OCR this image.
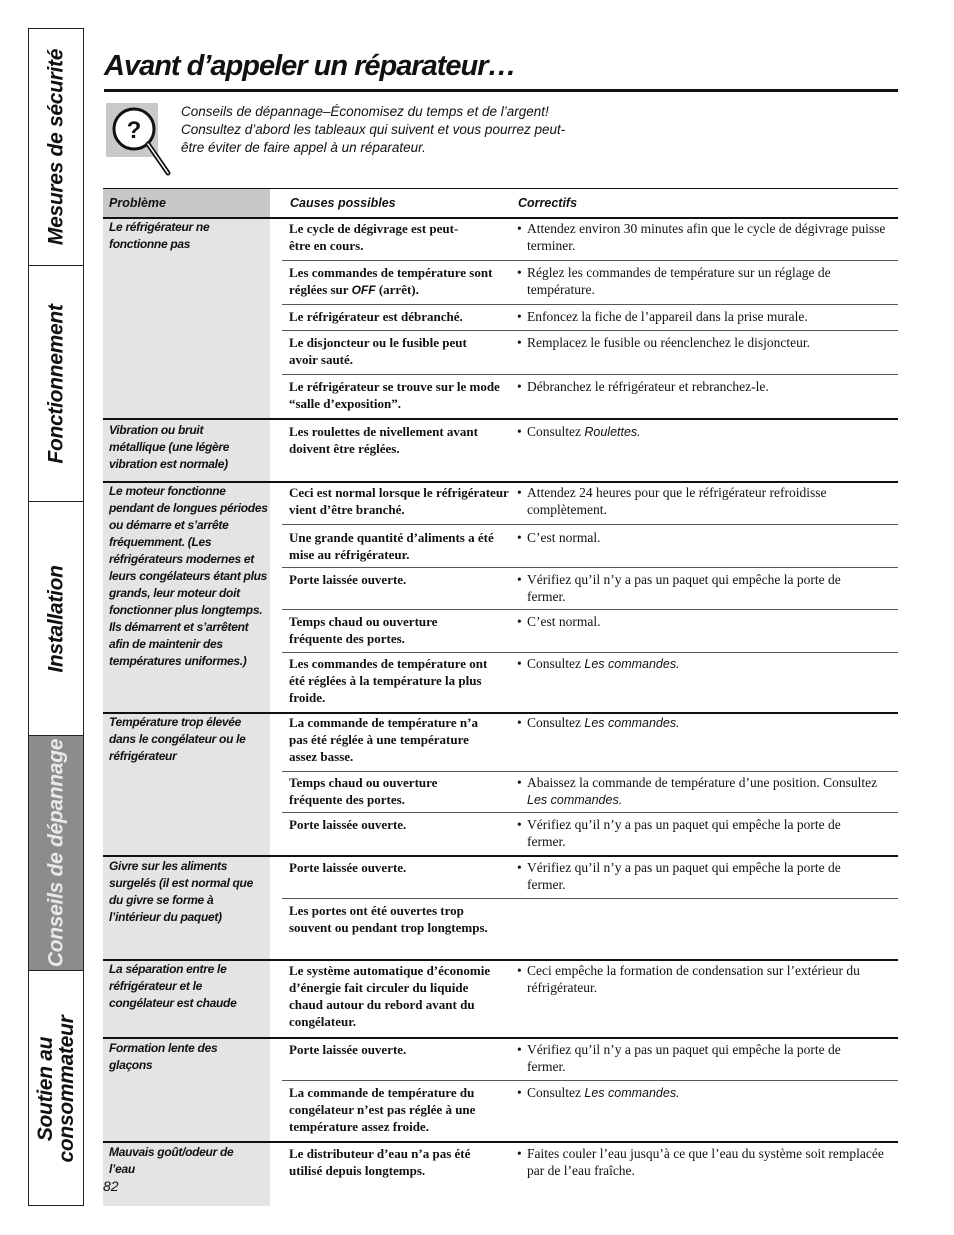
Mesures de sécurité
Fonctionnement
Installation
Conseils de dépannage
Soutien au
consommateur
Avant d’appeler un réparateur…
?
Conseils de dépannage–Économisez du temps et de l’argent!
Consultez d’abord les tableaux qui suivent et vous pourrez peut-
être éviter de faire appel à un réparateur.
Problème	Causes possibles	Correctifs
Le réfrigérateur ne fonctionne pas
Vibration ou bruit métallique (une légère vibration est normale)
Le moteur fonctionne pendant de longues périodes ou démarre et s’arrête fréquemment. (Les réfrigérateurs modernes et leurs congélateurs étant plus grands, leur moteur doit fonctionner plus longtemps. Ils démarrent et s’arrêtent afin de maintenir des températures uniformes.)
Température trop élevée dans le congélateur ou le réfrigérateur
Givre sur les aliments surgelés (il est normal que du givre se forme à l’intérieur du paquet)
La séparation entre le réfrigérateur et le congélateur est chaude
Formation lente des glaçons
Mauvais goût/odeur de l’eau
Le cycle de dégivrage est peut-être en cours.
Les commandes de température sont réglées sur OFF (arrêt).
Le réfrigérateur est débranché.
Le disjoncteur ou le fusible peut avoir sauté.
Le réfrigérateur se trouve sur le mode “salle d’exposition”.
Les roulettes de nivellement avant doivent être réglées.
Ceci est normal lorsque le réfrigérateur vient d’être branché.
Une grande quantité d’aliments a été mise au réfrigérateur.
Porte laissée ouverte.
Temps chaud ou ouverture fréquente des portes.
Les commandes de température ont été réglées à la température la plus froide.
La commande de température n’a pas été réglée à une température assez basse.
Temps chaud ou ouverture fréquente des portes.
Porte laissée ouverte.
Porte laissée ouverte.
Les portes ont été ouvertes trop souvent ou pendant trop longtemps.
Le système automatique d’économie d’énergie fait circuler du liquide chaud autour du rebord avant du congélateur.
Porte laissée ouverte.
La commande de température du congélateur n’est pas réglée à une température assez froide.
Le distributeur d’eau n’a pas été utilisé depuis longtemps.
• Attendez environ 30 minutes afin que le cycle de dégivrage puisse terminer.
• Réglez les commandes de température sur un réglage de température.
• Enfoncez la fiche de l’appareil dans la prise murale.
• Remplacez le fusible ou réenclenchez le disjoncteur.
• Débranchez le réfrigérateur et rebranchez-le.
• Consultez Roulettes.
• Attendez 24 heures pour que le réfrigérateur refroidisse complètement.
• C’est normal.
• Vérifiez qu’il n’y a pas un paquet qui empêche la porte de fermer.
• C’est normal.
• Consultez Les commandes.
• Consultez Les commandes.
• Abaissez la commande de température d’une position. Consultez Les commandes.
• Vérifiez qu’il n’y a pas un paquet qui empêche la porte de fermer.
• Vérifiez qu’il n’y a pas un paquet qui empêche la porte de fermer.
• Ceci empêche la formation de condensation sur l’extérieur du réfrigérateur.
• Vérifiez qu’il n’y a pas un paquet qui empêche la porte de fermer.
• Consultez Les commandes.
• Faites couler l’eau jusqu’à ce que l’eau du système soit remplacée par de l’eau fraîche.
82
